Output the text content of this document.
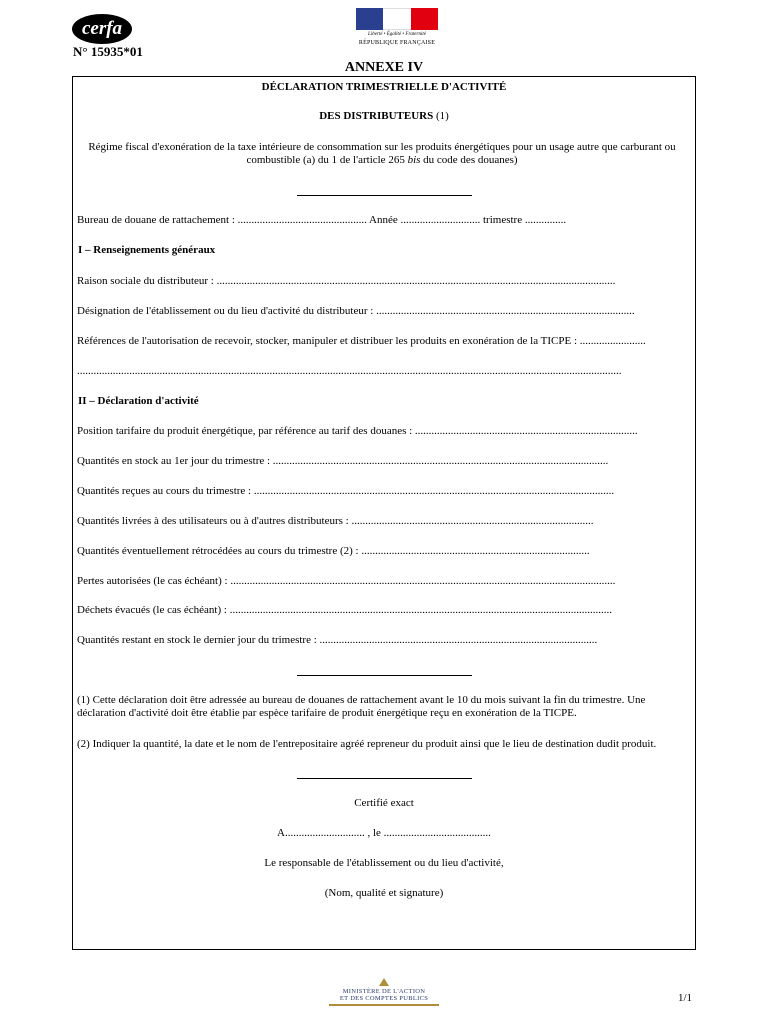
cerfa
N° 15935*01
Liberté • Égalité • Fraternité
RÉPUBLIQUE FRANÇAISE
ANNEXE IV
DÉCLARATION TRIMESTRIELLE D'ACTIVITÉ
DES DISTRIBUTEURS (1)
Régime fiscal d'exonération de la taxe intérieure de consommation sur les produits énergétiques pour un usage autre que carburant ou combustible (a) du 1 de l'article 265 bis du code des douanes)
Bureau de douane de rattachement : ............................................... Année ............................. trimestre ...............
I – Renseignements généraux
Raison sociale du distributeur : .................................................................................................................................................
Désignation de l'établissement ou du lieu d'activité du distributeur : ..............................................................................................
Références de l'autorisation de recevoir, stocker, manipuler et distribuer les produits en exonération de la TICPE : ........................
......................................................................................................................................................................................................
II – Déclaration d'activité
Position tarifaire du produit énergétique, par référence au tarif des douanes : .................................................................................
Quantités en stock au 1er jour du trimestre : ..........................................................................................................................
Quantités reçues au cours du trimestre : ...................................................................................................................................
Quantités livrées à des utilisateurs ou à d'autres distributeurs : ........................................................................................
Quantités éventuellement rétrocédées au cours du trimestre (2) : ...................................................................................
Pertes autorisées (le cas échéant) : ............................................................................................................................................
Déchets évacués (le cas échéant) : ...........................................................................................................................................
Quantités restant en stock le dernier jour du trimestre : .....................................................................................................
(1) Cette déclaration doit être adressée au bureau de douanes de rattachement avant le 10 du mois suivant la fin du trimestre. Une déclaration d'activité doit être établie par espèce tarifaire de produit énergétique reçu en exonération de la TICPE.
(2) Indiquer la quantité, la date et le nom de l'entrepositaire agréé repreneur du produit ainsi que le lieu de destination dudit produit.
Certifié exact
A............................. , le .......................................
Le responsable de l'établissement ou du lieu d'activité,
(Nom, qualité et signature)
MINISTÈRE DE L'ACTION
ET DES COMPTES PUBLICS	1/1
